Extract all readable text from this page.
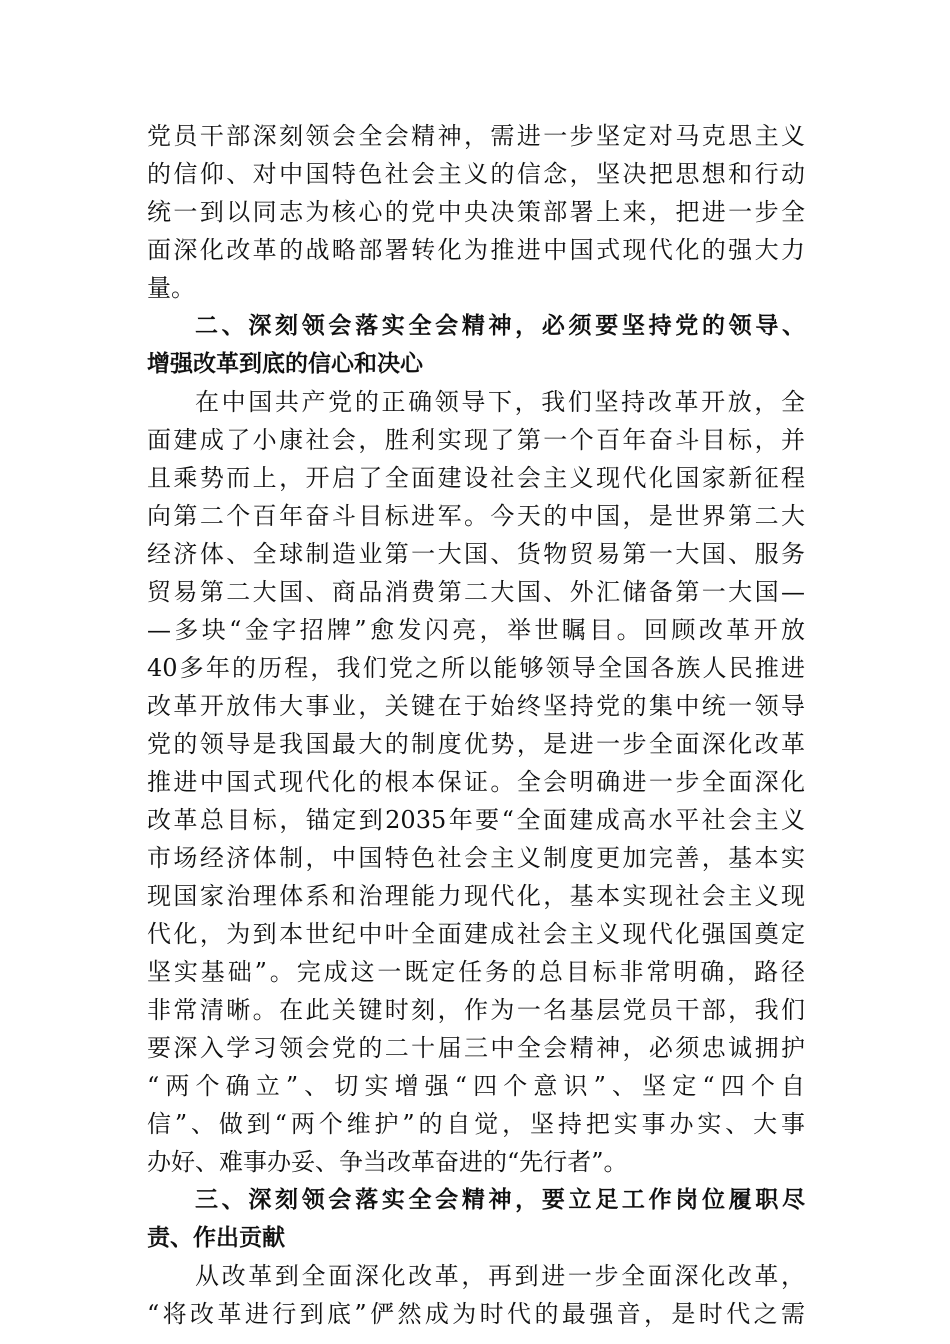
党员干部深刻领会全会精神，需进一步坚定对马克思主义
的信仰、对中国特色社会主义的信念，坚决把思想和行动
统一到以同志为核心的党中央决策部署上来，把进一步全
面深化改革的战略部署转化为推进中国式现代化的强大力
量。
二、深刻领会落实全会精神，必须要坚持党的领导、
增强改革到底的信心和决心
在中国共产党的正确领导下，我们坚持改革开放，全
面建成了小康社会，胜利实现了第一个百年奋斗目标，并
且乘势而上，开启了全面建设社会主义现代化国家新征程
向第二个百年奋斗目标进军。今天的中国，是世界第二大
经济体、全球制造业第一大国、货物贸易第一大国、服务
贸易第二大国、商品消费第二大国、外汇储备第一大国—
—多块“金字招牌”愈发闪亮，举世瞩目。回顾改革开放
40多年的历程，我们党之所以能够领导全国各族人民推进
改革开放伟大事业，关键在于始终坚持党的集中统一领导
党的领导是我国最大的制度优势，是进一步全面深化改革
推进中国式现代化的根本保证。全会明确进一步全面深化
改革总目标，锚定到2035年要“全面建成高水平社会主义
市场经济体制，中国特色社会主义制度更加完善，基本实
现国家治理体系和治理能力现代化，基本实现社会主义现
代化，为到本世纪中叶全面建成社会主义现代化强国奠定
坚实基础”。完成这一既定任务的总目标非常明确，路径
非常清晰。在此关键时刻，作为一名基层党员干部，我们
要深入学习领会党的二十届三中全会精神，必须忠诚拥护
“两个确立”、切实增强“四个意识”、坚定“四个自
信”、做到“两个维护”的自觉，坚持把实事办实、大事
办好、难事办妥、争当改革奋进的“先行者”。
三、深刻领会落实全会精神，要立足工作岗位履职尽
责、作出贡献
从改革到全面深化改革，再到进一步全面深化改革，
“将改革进行到底”俨然成为时代的最强音，是时代之需
